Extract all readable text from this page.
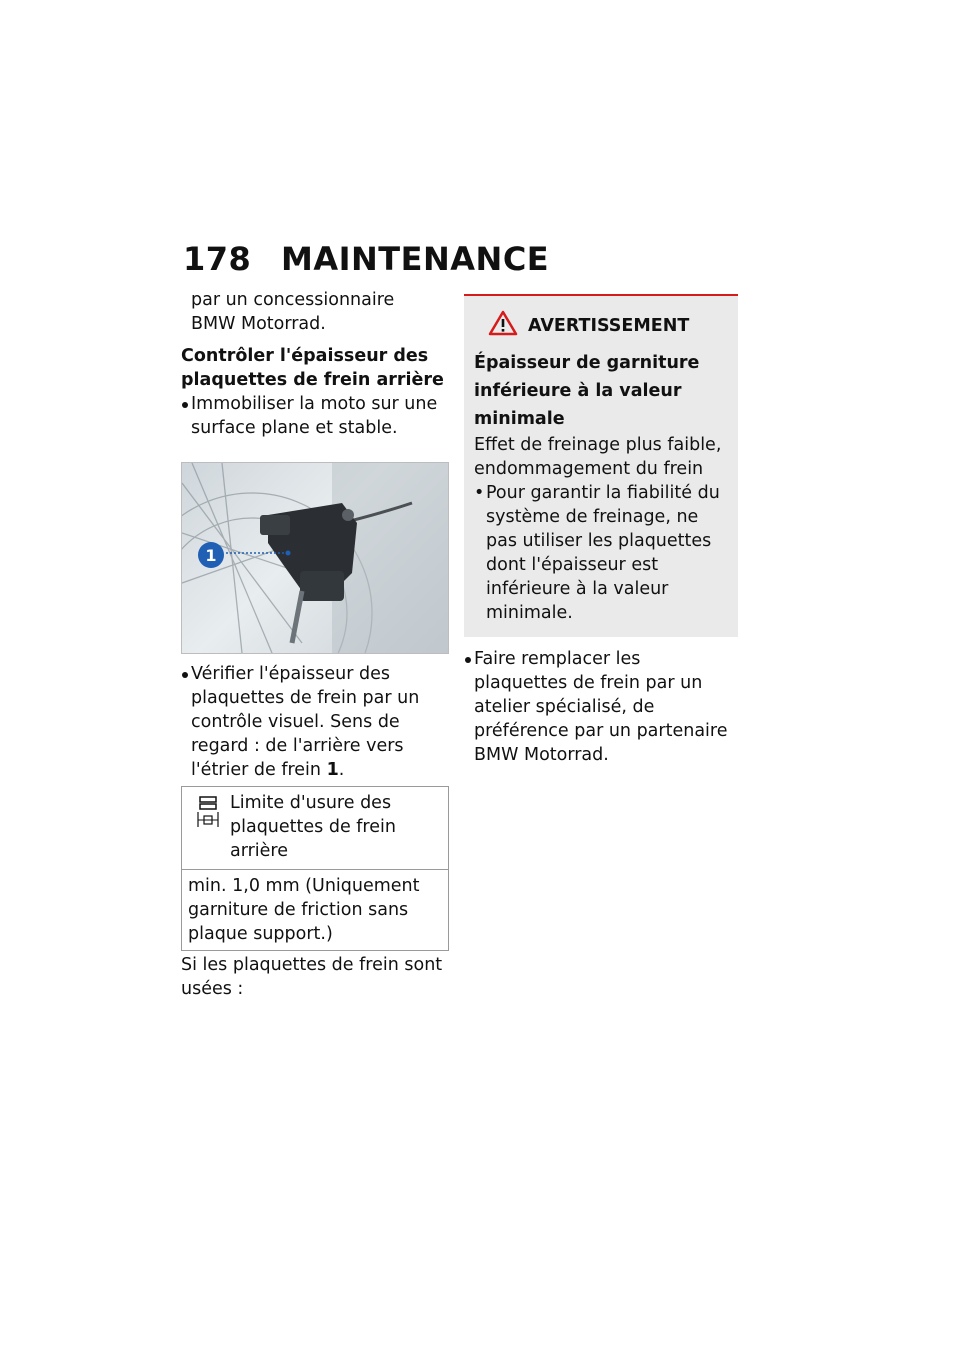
178 MAINTENANCE

par un concessionnaire

BMW Motorrad.

Contrôler l'épaisseur des plaquettes de frein arrière
Immobiliser la moto sur une surface plane et stable.
1
Vérifier l'épaisseur des plaquettes de frein par un contrôle visuel. Sens de regard : de l'arrière vers l'étrier de frein 1.
Limite d'usure des plaquettes de frein arrière
min. 1,0 mm (Uniquement garniture de friction sans plaque support.)

Si les plaquettes de frein sont usées :

AVERTISSEMENT
Épaisseur de garniture inférieure à la valeur minimale

Effet de freinage plus faible, endommagement du frein

• Pour garantir la fiabilité du système de freinage, ne pas utiliser les plaquettes dont l'épaisseur est inférieure à la valeur minimale.
Faire remplacer les plaquettes de frein par un atelier spécialisé, de préférence par un partenaire BMW Motorrad.
